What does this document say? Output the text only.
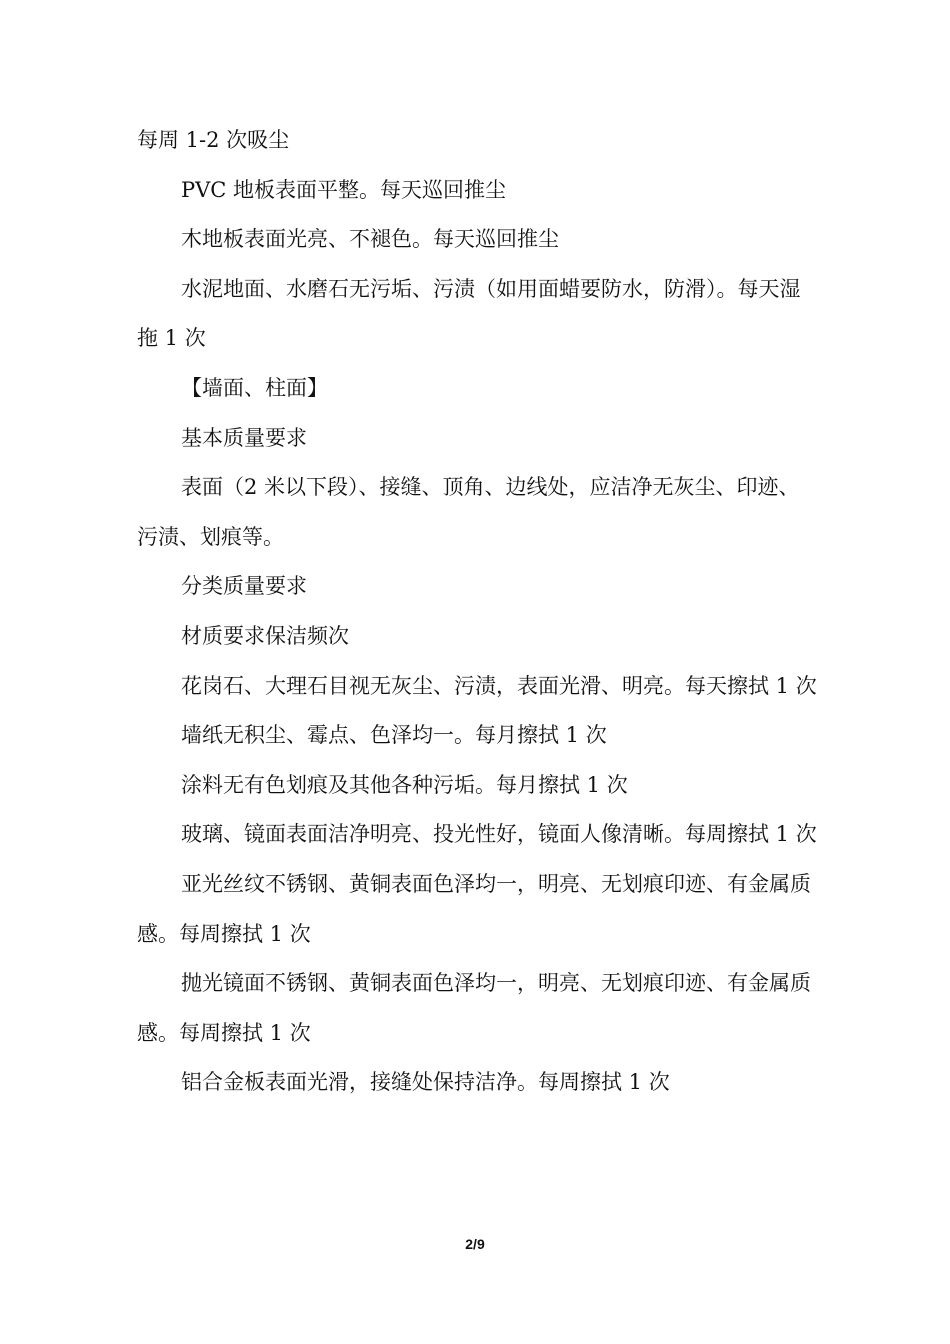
每周 1-2 次吸尘

PVC 地板表面平整。每天巡回推尘

木地板表面光亮、不褪色。每天巡回推尘

水泥地面、水磨石无污垢、污渍（如用面蜡要防水，防滑）。每天湿拖 1 次

【墙面、柱面】

基本质量要求

表面（2 米以下段）、接缝、顶角、边线处，应洁净无灰尘、印迹、污渍、划痕等。

分类质量要求

材质要求保洁频次

花岗石、大理石目视无灰尘、污渍，表面光滑、明亮。每天擦拭 1 次

墙纸无积尘、霉点、色泽均一。每月擦拭 1 次

涂料无有色划痕及其他各种污垢。每月擦拭 1 次

玻璃、镜面表面洁净明亮、投光性好，镜面人像清晰。每周擦拭 1 次

亚光丝纹不锈钢、黄铜表面色泽均一，明亮、无划痕印迹、有金属质感。每周擦拭 1 次

抛光镜面不锈钢、黄铜表面色泽均一，明亮、无划痕印迹、有金属质感。每周擦拭 1 次

铝合金板表面光滑，接缝处保持洁净。每周擦拭 1 次

2/9
